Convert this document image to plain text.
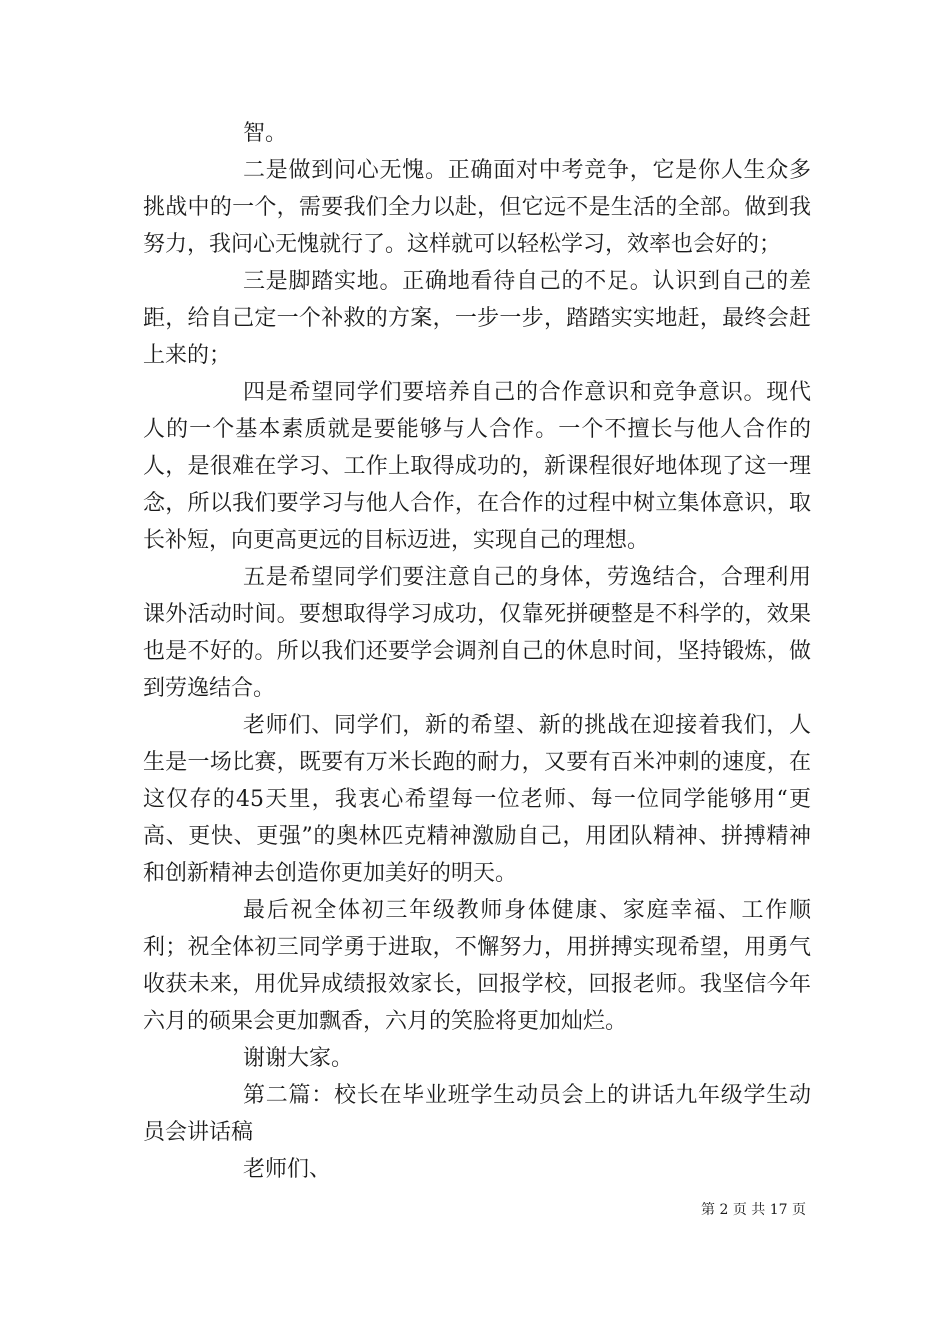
智。

二是做到问心无愧。正确面对中考竞争，它是你人生众多挑战中的一个，需要我们全力以赴，但它远不是生活的全部。做到我努力，我问心无愧就行了。这样就可以轻松学习，效率也会好的；

三是脚踏实地。正确地看待自己的不足。认识到自己的差距，给自己定一个补救的方案，一步一步，踏踏实实地赶，最终会赶上来的；

四是希望同学们要培养自己的合作意识和竞争意识。现代人的一个基本素质就是要能够与人合作。一个不擅长与他人合作的人，是很难在学习、工作上取得成功的，新课程很好地体现了这一理念，所以我们要学习与他人合作，在合作的过程中树立集体意识，取长补短，向更高更远的目标迈进，实现自己的理想。

五是希望同学们要注意自己的身体，劳逸结合，合理利用课外活动时间。要想取得学习成功，仅靠死拼硬整是不科学的，效果也是不好的。所以我们还要学会调剂自己的休息时间，坚持锻炼，做到劳逸结合。

老师们、同学们，新的希望、新的挑战在迎接着我们，人生是一场比赛，既要有万米长跑的耐力，又要有百米冲刺的速度，在这仅存的45天里，我衷心希望每一位老师、每一位同学能够用“更高、更快、更强”的奥林匹克精神激励自己，用团队精神、拼搏精神和创新精神去创造你更加美好的明天。

最后祝全体初三年级教师身体健康、家庭幸福、工作顺利；祝全体初三同学勇于进取，不懈努力，用拼搏实现希望，用勇气收获未来，用优异成绩报效家长，回报学校，回报老师。我坚信今年六月的硕果会更加飘香，六月的笑脸将更加灿烂。

谢谢大家。

第二篇：校长在毕业班学生动员会上的讲话九年级学生动员会讲话稿

老师们、

第 2 页 共 17 页
